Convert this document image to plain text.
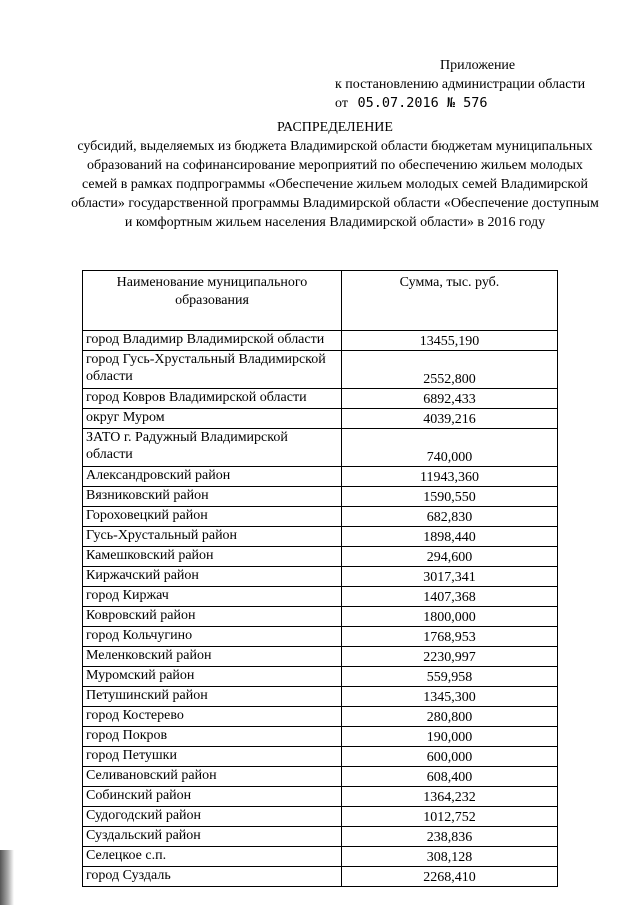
Приложение
к постановлению администрации области
от 05.07.2016 № 576
РАСПРЕДЕЛЕНИЕ
субсидий, выделяемых из бюджета Владимирской области бюджетам муниципальных образований на софинансирование мероприятий по обеспечению жильем молодых семей в рамках подпрограммы «Обеспечение жильем молодых семей Владимирской области» государственной программы Владимирской области «Обеспечение доступным и комфортным жильем населения Владимирской области» в 2016 году
Наименование муниципального образования	Сумма, тыс. руб.
город Владимир Владимирской области	13455,190
город Гусь-Хрустальный Владимирской области	2552,800
город Ковров Владимирской области	6892,433
округ Муром	4039,216
ЗАТО г. Радужный Владимирской области	740,000
Александровский район	11943,360
Вязниковский район	1590,550
Гороховецкий район	682,830
Гусь-Хрустальный район	1898,440
Камешковский район	294,600
Киржачский район	3017,341
город Киржач	1407,368
Ковровский район	1800,000
город Кольчугино	1768,953
Меленковский район	2230,997
Муромский район	559,958
Петушинский район	1345,300
город Костерево	280,800
город Покров	190,000
город Петушки	600,000
Селивановский район	608,400
Собинский район	1364,232
Судогодский район	1012,752
Суздальский район	238,836
Селецкое с.п.	308,128
город Суздаль	2268,410
